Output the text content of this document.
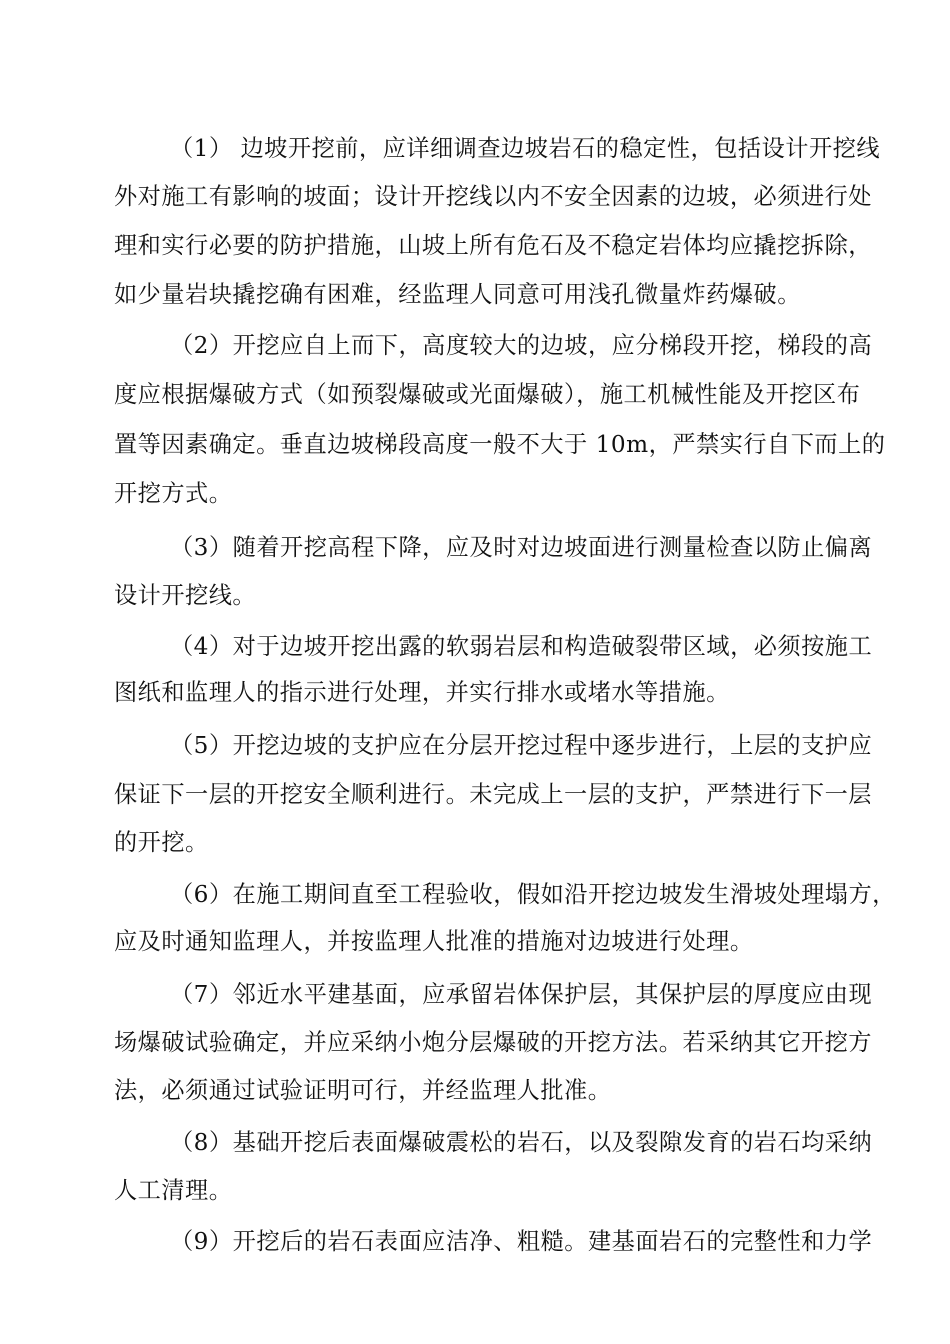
（1） 边坡开挖前，应详细调查边坡岩石的稳定性，包括设计开挖线
外对施工有影响的坡面；设计开挖线以内不安全因素的边坡，必须进行处
理和实行必要的防护措施，山坡上所有危石及不稳定岩体均应撬挖拆除，
如少量岩块撬挖确有困难，经监理人同意可用浅孔微量炸药爆破。
（2）开挖应自上而下，高度较大的边坡，应分梯段开挖，梯段的高
度应根据爆破方式（如预裂爆破或光面爆破），施工机械性能及开挖区布
置等因素确定。垂直边坡梯段高度一般不大于 10m，严禁实行自下而上的
开挖方式。
（3）随着开挖高程下降，应及时对边坡面进行测量检查以防止偏离
设计开挖线。
（4）对于边坡开挖出露的软弱岩层和构造破裂带区域，必须按施工
图纸和监理人的指示进行处理，并实行排水或堵水等措施。
（5）开挖边坡的支护应在分层开挖过程中逐步进行，上层的支护应
保证下一层的开挖安全顺利进行。未完成上一层的支护，严禁进行下一层
的开挖。
（6）在施工期间直至工程验收，假如沿开挖边坡发生滑坡处理塌方，
应及时通知监理人，并按监理人批准的措施对边坡进行处理。
（7）邻近水平建基面，应承留岩体保护层，其保护层的厚度应由现
场爆破试验确定，并应采纳小炮分层爆破的开挖方法。若采纳其它开挖方
法，必须通过试验证明可行，并经监理人批准。
（8）基础开挖后表面爆破震松的岩石，以及裂隙发育的岩石均采纳
人工清理。
（9）开挖后的岩石表面应洁净、粗糙。建基面岩石的完整性和力学
